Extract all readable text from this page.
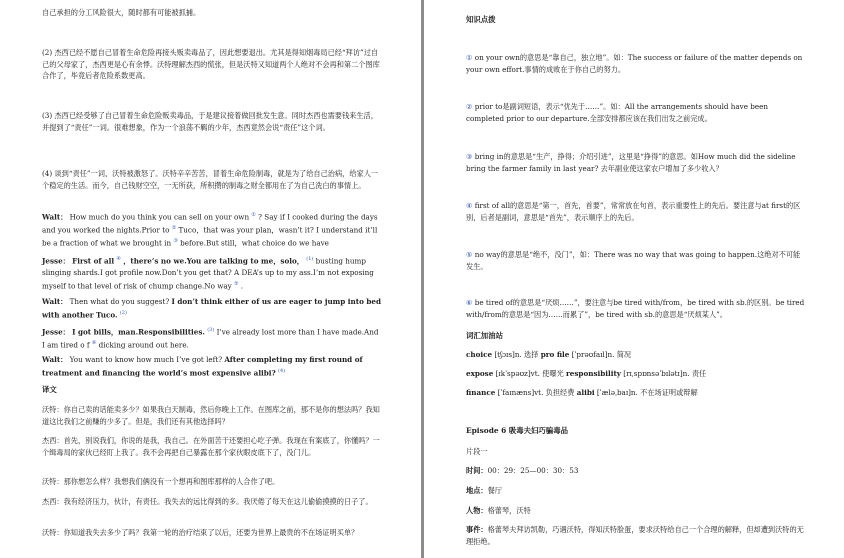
自己承担的分工风险很大，随时都有可能被抓捕。

(2) 杰西已经不愿自己冒着生命危险再接头贩卖毒品了，因此想要退出。尤其是得知烟毒局已经“拜访”过自己的父母家了，杰西更是心有余悸。沃特理解杰西的慌张，但是沃特又知道两个人绝对不会再和第二个图库合作了，毕竟后者危险系数更高。

(3) 杰西已经受够了自己冒着生命危险贩卖毒品，于是建议接着做回批发生意。同时杰西也需要钱来生活，并提到了“责任”一词。很难想象，作为一个浪荡不羁的少年，杰西竟然会说“责任”这个词。

(4) 谈到“责任”一词，沃特被激怒了。沃特辛辛苦苦，冒着生命危险制毒，就是为了给自己治病，给家人一个稳定的生活。而今，自己钱财空空，一无所获，所积攒的制毒之财全都用在了为自己洗白的事情上。

Walt： How much do you think you can sell on your own ① ? Say if I cooked during the days and you worked the nights.Prior to ② Tuco，that was your plan，wasn’t it? I understand it’ll be a fraction of what we brought in ③ before.But still，what choice do we have

Jesse： First of all ④ ，there’s no we.You are talking to me，solo， $^{(1)}$ busting hump slinging shards.I got profile now.Don’t you get that? A DEA’s up to my ass.I’m not exposing myself to that level of risk of chump change.No way ⑤ .

Walt： Then what do you suggest? I don’t think either of us are eager to jump into bed with another Tuco. $^{(2)}$

Jesse： I got bills，man.Responsibilities. $^{(3)}$ I’ve already lost more than I have made.And I am tired o f ⑥ dicking around out here.

Walt： You want to know how much I’ve got left? After completing my first round of treatment and financing the world’s most expensive alibi? $^{(4)}$

译文

沃特：你自己卖的话能卖多少？如果我白天制毒，然后你晚上工作。在图库之前，那不是你的想法吗？我知道这比我们之前赚的少多了。但是，我们还有其他选择吗？

杰西：首先，别说我们，你说的是我，我自己。在外面苦干还要担心吃子弹。我现在有案底了，你懂吗？一个缉毒局的家伙已经盯上我了。我不会再把自己暴露在那个家伙眼皮底下了，没门儿。

沃特：那你想怎么样？我想我们俩没有一个想再和图库那样的人合作了吧。

杰西：我有经济压力，伙计，有责任。我失去的远比得到的多。我厌倦了每天在这儿偷偷摸摸的日子了。

沃特：你知道我失去多少了吗？我第一轮的治疗结束了以后，还要为世界上最贵的不在场证明买单？

知识点拨

① on your own的意思是“靠自己，独立地”。如：The success or failure of the matter depends on your own effort.事情的成败在于你自己的努力。

② prior to是副词短语，表示“优先于……”。如：All the arrangements should have been completed prior to our departure.全部安排都应该在我们出发之前完成。

③ bring in的意思是“生产，挣得；介绍引进”，这里是“挣得”的意思。如How much did the sideline bring the farmer family in last year? 去年副业使这家农户增加了多少收入？

④ first of all的意思是“第一，首先，首要”，常常放在句首，表示重要性上的先后。要注意与at first的区别，后者是副词，意思是“首先”，表示顺序上的先后。

⑤ no way的意思是“绝不，没门”，如：There was no way that was going to happen.这绝对不可能发生。

⑥ be tired of的意思是“厌烦……”，要注意与be tired with/from，be tired with sb.的区别。be tired with/from的意思是“因为……而累了”，be tired with sb.的意思是“厌烦某人”。

词汇加油站

choice [tʃɔɪs]n. 选择 pro file [ˈprəʊfaɪl]n. 简况

expose [ɪkˈspəʊz]vt. 使曝光 responsibility [rɪˌspɒnsəˈbɪlətɪ]n. 责任

finance [ˈfaɪnæns]vt. 负担经费 alibi [ˈæləˌbaɪ]n. 不在场证明或辩解

Episode 6 吸毒夫妇巧骗毒品

片段一

时间：00：29：25—00：30：53

地点：餐厅

人物：格蕾琴，沃特

事件：格蕾琴夫拜访凯勒，巧遇沃特，得知沃特脸蛋，要求沃特给自己一个合理的解释，但却遭到沃特的无理拒绝。
